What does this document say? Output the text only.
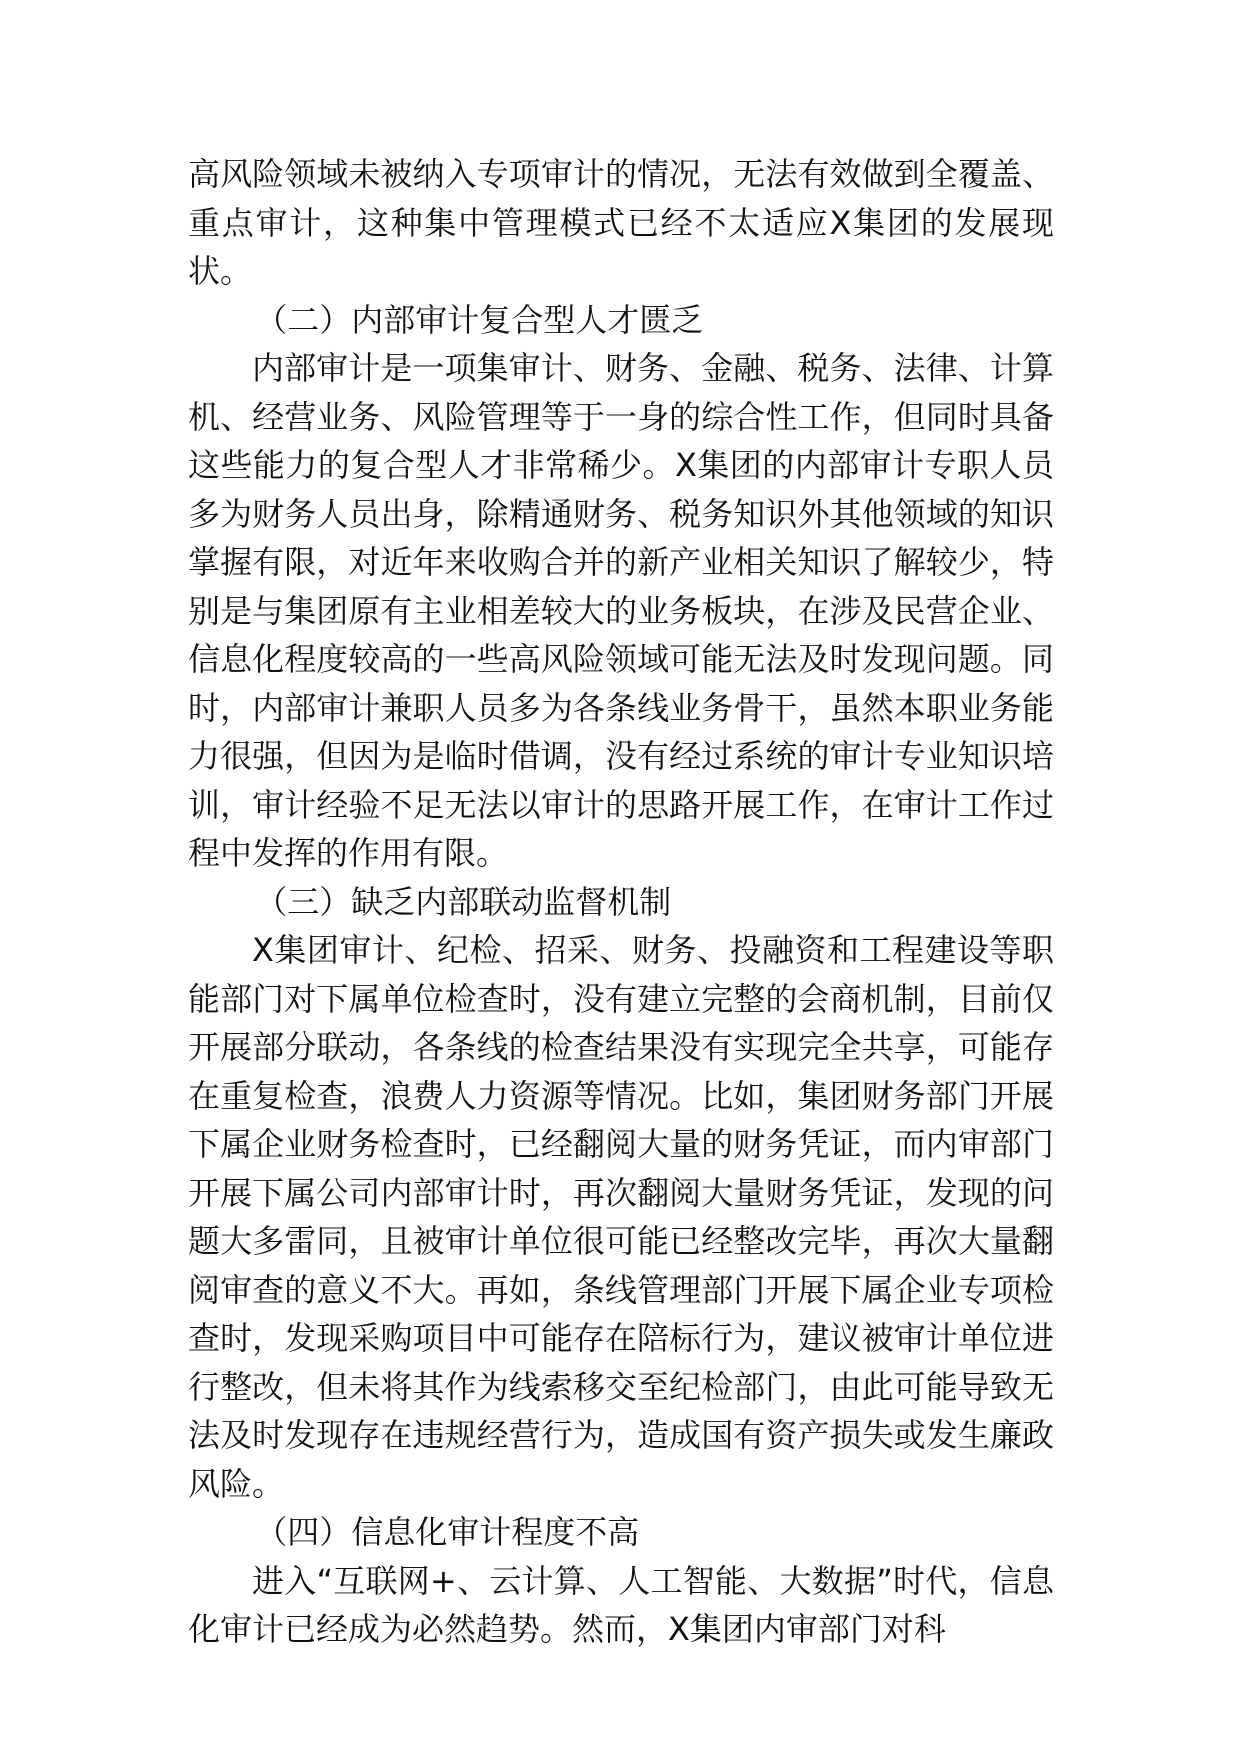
高风险领域未被纳入专项审计的情况，无法有效做到全覆盖、重点审计，这种集中管理模式已经不太适应X集团的发展现状。

（二）内部审计复合型人才匮乏

内部审计是一项集审计、财务、金融、税务、法律、计算机、经营业务、风险管理等于一身的综合性工作，但同时具备这些能力的复合型人才非常稀少。X集团的内部审计专职人员多为财务人员出身，除精通财务、税务知识外其他领域的知识掌握有限，对近年来收购合并的新产业相关知识了解较少，特别是与集团原有主业相差较大的业务板块，在涉及民营企业、信息化程度较高的一些高风险领域可能无法及时发现问题。同时，内部审计兼职人员多为各条线业务骨干，虽然本职业务能力很强，但因为是临时借调，没有经过系统的审计专业知识培训，审计经验不足无法以审计的思路开展工作，在审计工作过程中发挥的作用有限。

（三）缺乏内部联动监督机制

X集团审计、纪检、招采、财务、投融资和工程建设等职能部门对下属单位检查时，没有建立完整的会商机制，目前仅开展部分联动，各条线的检查结果没有实现完全共享，可能存在重复检查，浪费人力资源等情况。比如，集团财务部门开展下属企业财务检查时，已经翻阅大量的财务凭证，而内审部门开展下属公司内部审计时，再次翻阅大量财务凭证，发现的问题大多雷同，且被审计单位很可能已经整改完毕，再次大量翻阅审查的意义不大。再如，条线管理部门开展下属企业专项检查时，发现采购项目中可能存在陪标行为，建议被审计单位进行整改，但未将其作为线索移交至纪检部门，由此可能导致无法及时发现存在违规经营行为，造成国有资产损失或发生廉政风险。

（四）信息化审计程度不高

进入“互联网+、云计算、人工智能、大数据”时代，信息化审计已经成为必然趋势。然而，X集团内审部门对科
